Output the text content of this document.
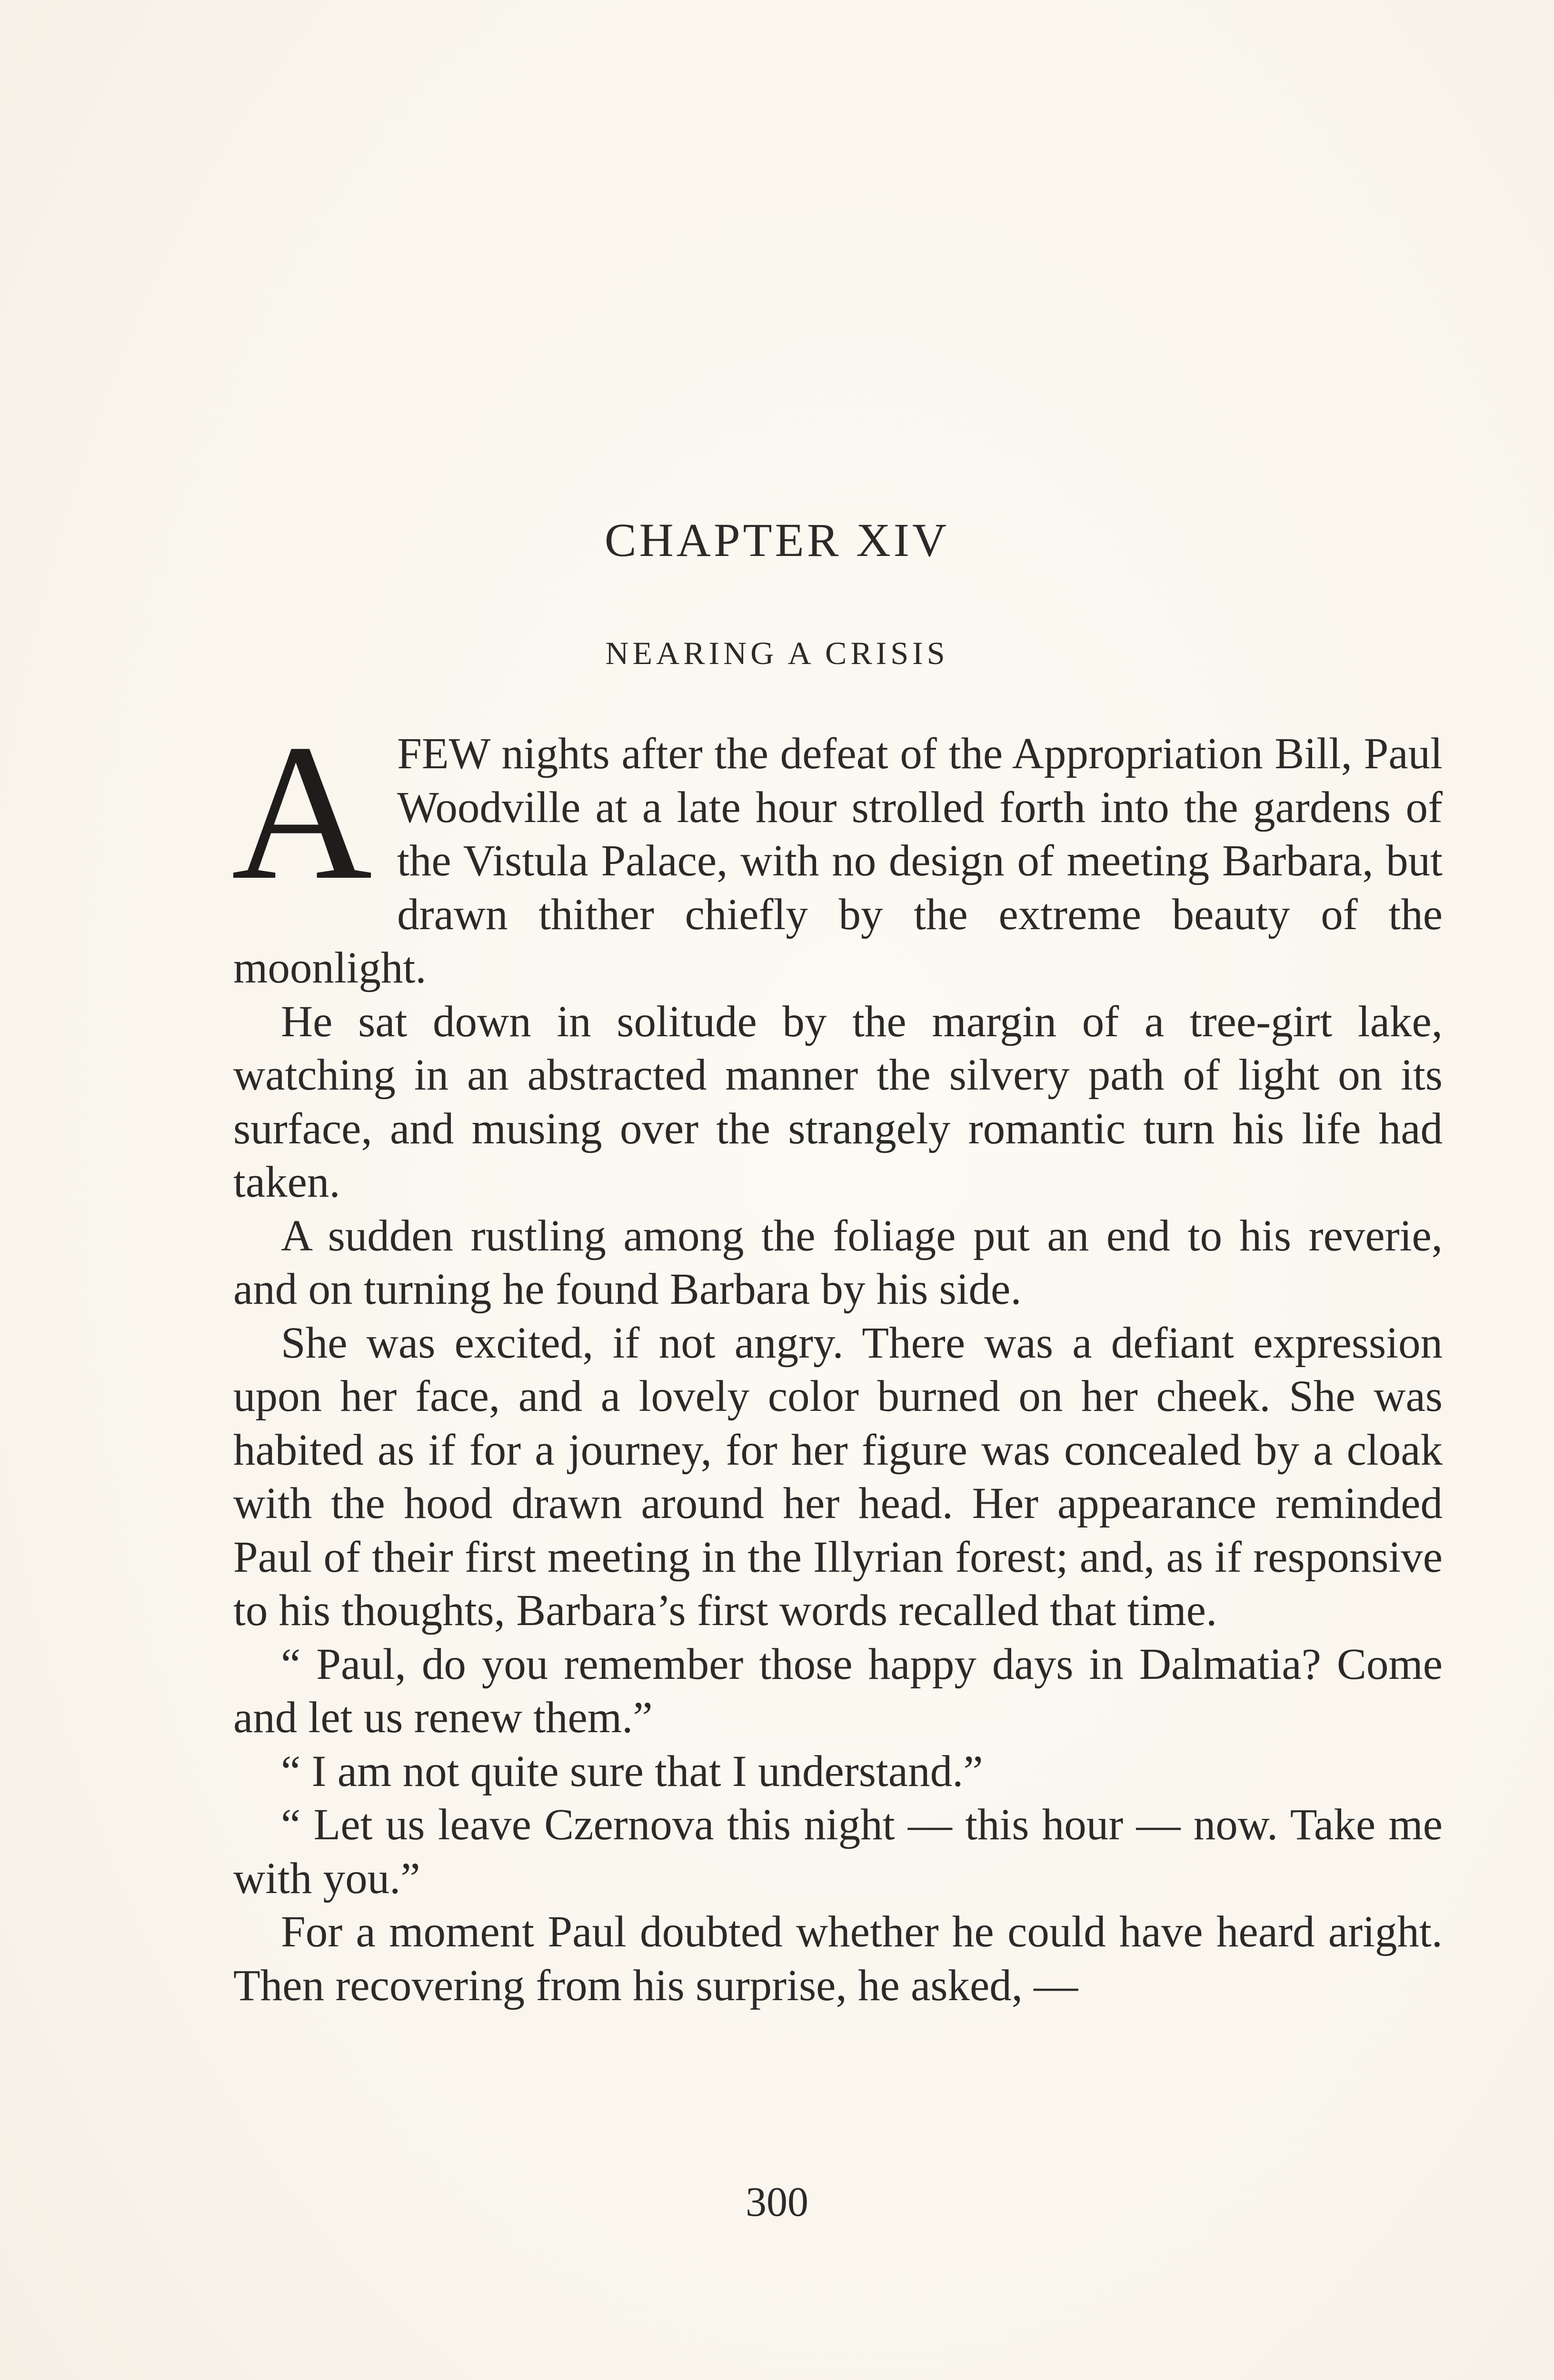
CHAPTER XIV
NEARING A CRISIS

AFEW nights after the defeat of the Appropriation Bill, Paul Woodville at a late hour strolled forth into the gardens of the Vistula Palace, with no design of meeting Barbara, but drawn thither chiefly by the extreme beauty of the moonlight.

He sat down in solitude by the margin of a tree-girt lake, watching in an abstracted manner the silvery path of light on its surface, and musing over the strangely romantic turn his life had taken.

A sudden rustling among the foliage put an end to his reverie, and on turning he found Barbara by his side.

She was excited, if not angry. There was a defiant expression upon her face, and a lovely color burned on her cheek. She was habited as if for a journey, for her figure was concealed by a cloak with the hood drawn around her head. Her appearance reminded Paul of their first meeting in the Illyrian forest; and, as if responsive to his thoughts, Barbara’s first words recalled that time.

“ Paul, do you remember those happy days in Dalmatia? Come and let us renew them.”

“ I am not quite sure that I understand.”

“ Let us leave Czernova this night — this hour — now. Take me with you.”

For a moment Paul doubted whether he could have heard aright. Then recovering from his surprise, he asked, —

300
